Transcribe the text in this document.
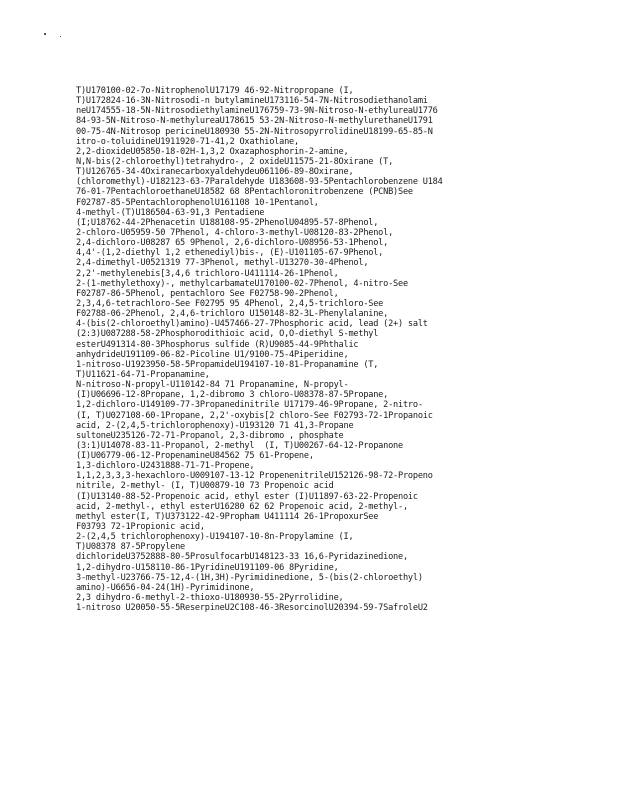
T)U170100-02-7o-NitrophenolU17179 46-92-Nitropropane (I,
T)U172824-16-3N-Nitrosodi-n butylamineU173116-54-7N-Nitrosodiethanolami
neU174555-18-5N-NitrosodiethylamineU176759-73-9N-Nitroso-N-ethylureaU1776
84-93-5N-Nitroso-N-methylureaU178615 53-2N-Nitroso-N-methylurethaneU1791
00-75-4N-Nitrosop pericineU180930 55-2N-NitrosopyrrolidineU18199-65-85-N
itro-o-toluidineU1911920-71-41,2 Oxathiolane,
2,2-dioxideU05850-18-02H-1,3,2 Oxazaphosphorin-2-amine,
N,N-bis(2-chloroethyl)tetrahydro-, 2 oxideU11575-21-8Oxirane (T,
T)U126765-34-4Oxiranecarboxyaldehydeu061106-89-8Oxirane,
(chloromethyl)-U182123-63-7Paraldehyde U183608-93-5Pentachlorobenzene U184
76-01-7PentachloroethaneU18582 68 8Pentachloronitrobenzene (PCNB)See
F02787-85-5PentachlorophenolU161108 10-1Pentanol,
4-methyl-(T)U186504-63-91,3 Pentadiene
(I;U18762-44-2Phenacetin U188108-95-2PhenolU04895-57-8Phenol,
2-chloro-U05959-50 7Phenol, 4-chloro-3-methyl-U08120-83-2Phenol,
2,4-dichloro-U08287 65 9Phenol, 2,6-dichloro-U08956-53-1Phenol,
4,4'-(1,2-diethyl 1,2 ethenediyl)bis-, (E)-U101105-67-9Phenol,
2,4-dimethyl-U0521319 77-3Phenol, methyl-U13270-30-4Phenol,
2,2'-methylenebis[3,4,6 trichloro-U411114-26-1Phenol,
2-(1-methylethoxy)-, methylcarbamateU170100-02-7Phenol, 4-nitro-See
F02787-86-5Phenol, pentachloro See F02758-90-2Phenol,
2,3,4,6-tetrachloro-See F02795 95 4Phenol, 2,4,5-trichloro-See
F02788-06-2Phenol, 2,4,6-trichloro U150148-82-3L-Phenylalanine,
4-(bis(2-chloroethyl)amino)-U457466-27-7Phosphoric acid, lead (2+) salt
(2:3)U087288-58-2Phosphorodithioic acid, O,O-diethyl S-methyl
esterU491314-80-3Phosphorus sulfide (R)U9085-44-9Phthalic
anhydrideU191109-06-82-Picoline U1/9100-75-4Piperidine,
1-nitroso-U1923950-58-5PropamideU194107-10-81-Propanamine (T,
T)U11621-64-71-Propanamine,
N-nitroso-N-propyl-U110142-84 71 Propanamine, N-propyl-
(I)U06696-12-8Propane, 1,2-dibromo 3 chloro-U08378-87-5Propane,
1,2-dichloro-U149109-77-3Propanedinitrile U17179-46-9Propane, 2-nitro-
(I, T)U027108-60-1Propane, 2,2'-oxybis[2 chloro-See F02793-72-1Propanoic
acid, 2-(2,4,5-trichlorophenoxy)-U193120 71 41,3-Propane
sultoneU235126-72-71-Propanol, 2,3-dibromo , phosphate
(3:1)U14078-83-11-Propanol, 2-methyl  (I, T)U00267-64-12-Propanone
(I)U06779-06-12-PropenamineU84562 75 61-Propene,
1,3-dichloro-U2431888-71-71-Propene,
1,1,2,3,3,3-hexachloro-U009107-13-12 PropenenitrileU152126-98-72-Propeno
nitrile, 2-methyl- (I, T)U00879-10 73 Propenoic acid
(I)U13140-88-52-Propenoic acid, ethyl ester (I)U11897-63-22-Propenoic
acid, 2-methyl-, ethyl esterU16280 62 62 Propenoic acid, 2-methyl-,
methyl ester(I, T)U373122-42-9Propham U411114 26-1PropoxurSee
F03793 72-1Propionic acid,
2-(2,4,5 trichlorophenoxy)-U194107-10-8n-Propylamine (I,
T)U08378 87-5Propylene
dichlorideU3752888-80-5ProsulfocarbU148123-33 16,6-Pyridazinedione,
1,2-dihydro-U158110-86-1PyridineU191109-06 8Pyridine,
3-methyl-U23766-75-12,4-(1H,3H)-Pyrimidinedione, 5-(bis(2-chloroethyl)
amino)-U6656-04-24(1H)-Pyrimidinone,
2,3 dihydro-6-methyl-2-thioxo-U180930-55-2Pyrrolidine,
1-nitroso U20050-55-5ReserpineU2C108-46-3ResorcinolU20394-59-7SafroleU2
